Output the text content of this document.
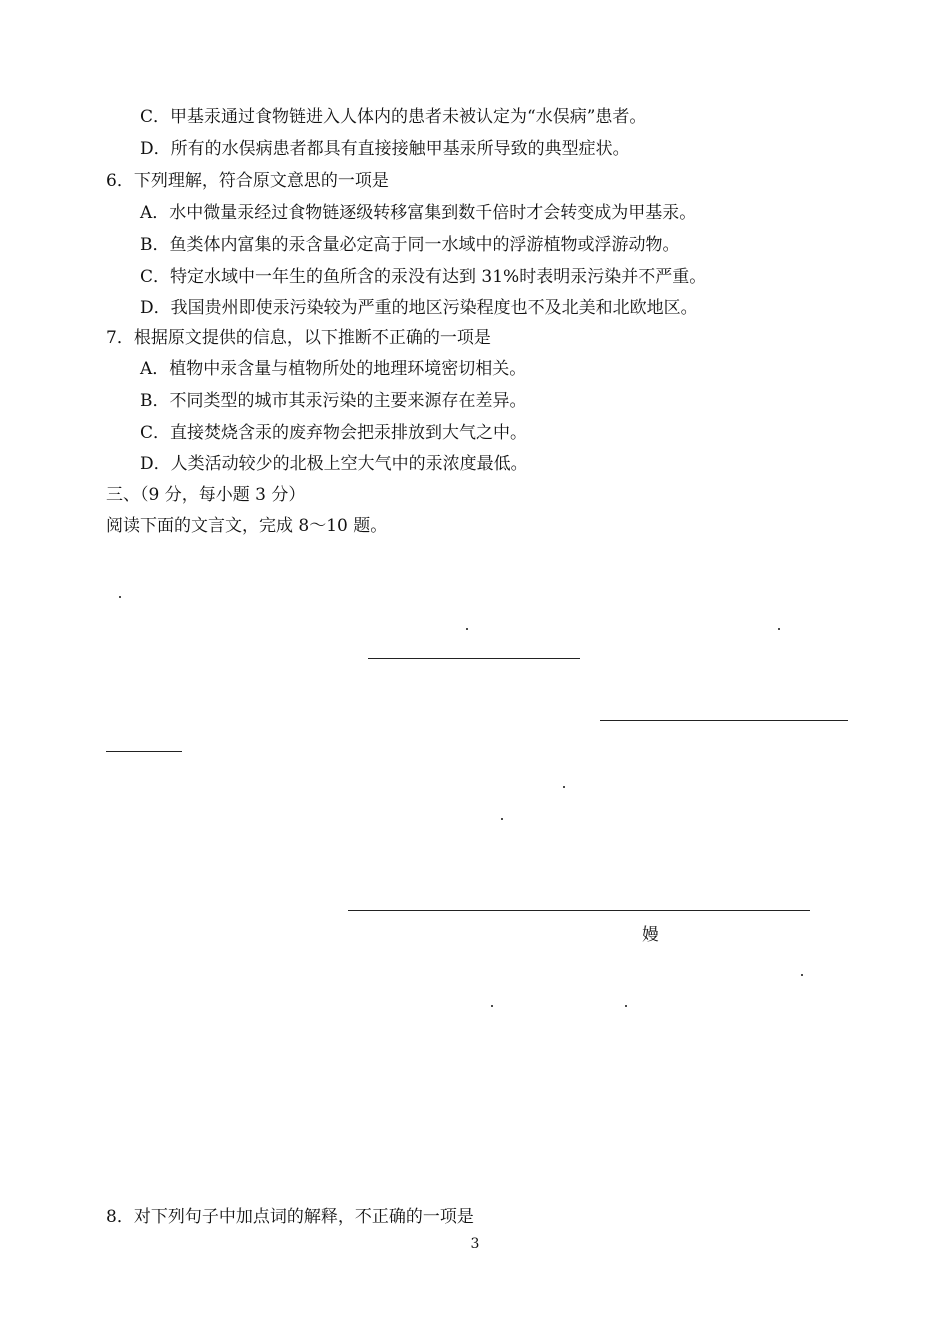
C．甲基汞通过食物链进入人体内的患者未被认定为“水俣病”患者。
D．所有的水俣病患者都具有直接接触甲基汞所导致的典型症状。
6．下列理解，符合原文意思的一项是
A．水中微量汞经过食物链逐级转移富集到数千倍时才会转变成为甲基汞。
B．鱼类体内富集的汞含量必定高于同一水域中的浮游植物或浮游动物。
C．特定水域中一年生的鱼所含的汞没有达到 31%时表明汞污染并不严重。
D．我国贵州即使汞污染较为严重的地区污染程度也不及北美和北欧地区。
7．根据原文提供的信息，以下推断不正确的一项是
A．植物中汞含量与植物所处的地理环境密切相关。
B．不同类型的城市其汞污染的主要来源存在差异。
C．直接焚烧含汞的废弃物会把汞排放到大气之中。
D．人类活动较少的北极上空大气中的汞浓度最低。
三、（9 分，每小题 3 分）
阅读下面的文言文，完成 8～10 题。
嫚
8．对下列句子中加点词的解释，不正确的一项是
3
